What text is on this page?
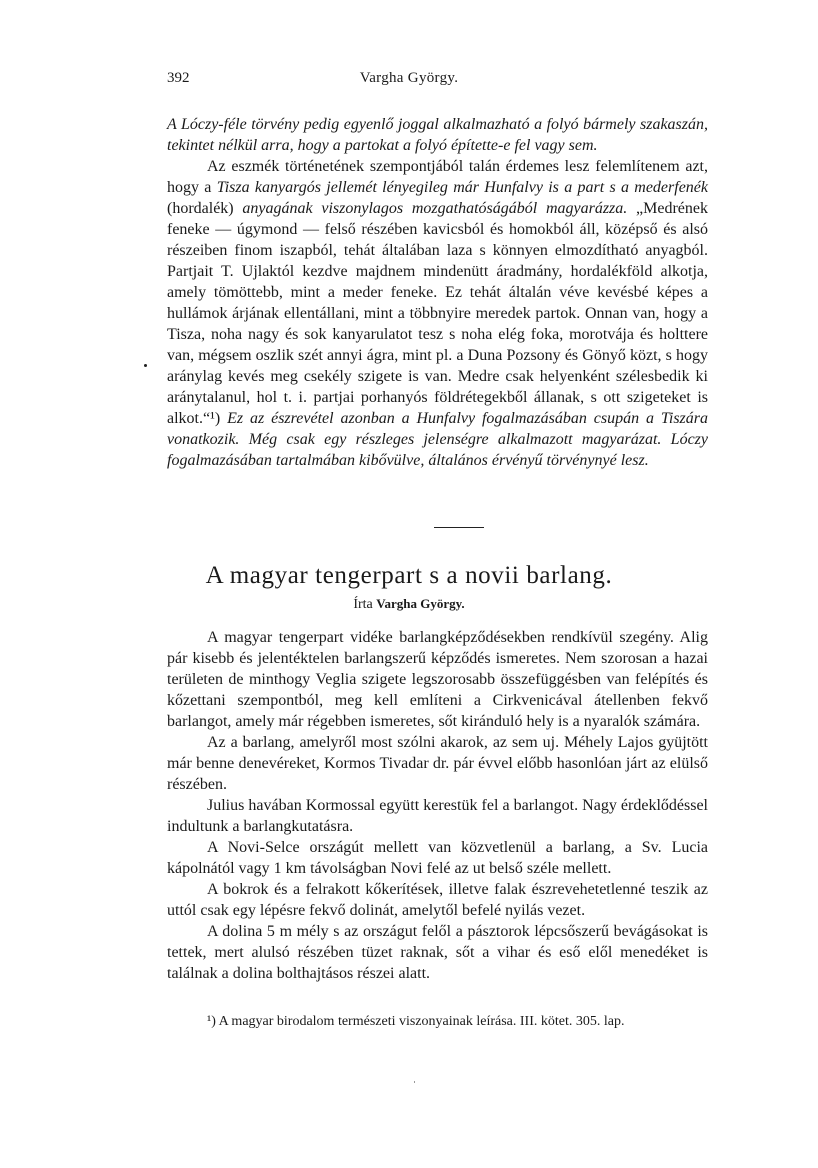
392	Vargha György.

A Lóczy-féle törvény pedig egyenlő joggal alkalmazható a folyó bármely szakaszán, tekintet nélkül arra, hogy a partokat a folyó építette-e fel vagy sem.

Az eszmék történetének szempontjából talán érdemes lesz felemlítenem azt, hogy a Tisza kanyargós jellemét lényegileg már Hunfalvy is a part s a mederfenék (hordalék) anyagának viszonylagos mozgathatóságából magyarázza. „Medrének feneke — úgymond — felső részében kavicsból és homokból áll, középső és alsó részeiben finom iszapból, tehát általában laza s könnyen elmozdítható anyagból. Partjait T. Ujlaktól kezdve majdnem mindenütt áradmány, hordalékföld alkotja, amely tömöttebb, mint a meder feneke. Ez tehát általán véve kevésbé képes a hullámok árjának ellentállani, mint a többnyire meredek partok. Onnan van, hogy a Tisza, noha nagy és sok kanyarulatot tesz s noha elég foka, morotvája és holttere van, mégsem oszlik szét annyi ágra, mint pl. a Duna Pozsony és Gönyő közt, s hogy aránylag kevés meg csekély szigete is van. Medre csak helyenként szélesbedik ki aránytalanul, hol t. i. partjai porhanyós földrétegekből állanak, s ott szigeteket is alkot.“¹) Ez az észrevétel azonban a Hunfalvy fogalmazásában csupán a Tiszára vonatkozik. Még csak egy részleges jelenségre alkalmazott magyarázat. Lóczy fogalmazásában tartalmában kibővülve, általános érvényű törvénynyé lesz.

A magyar tengerpart s a novii barlang.
Írta Vargha György.

A magyar tengerpart vidéke barlangképződésekben rendkívül szegény. Alig pár kisebb és jelentéktelen barlangszerű képződés ismeretes. Nem szorosan a hazai területen de minthogy Veglia szigete legszorosabb összefüggésben van felépítés és kőzettani szempontból, meg kell említeni a Cirkvenicával átellenben fekvő barlangot, amely már régebben ismeretes, sőt kiránduló hely is a nyaralók számára.

Az a barlang, amelyről most szólni akarok, az sem uj. Méhely Lajos gyüjtött már benne denevéreket, Kormos Tivadar dr. pár évvel előbb hasonlóan járt az elülső részében.

Julius havában Kormossal együtt kerestük fel a barlangot. Nagy érdeklődéssel indultunk a barlangkutatásra.

A Novi-Selce országút mellett van közvetlenül a barlang, a Sv. Lucia kápolnától vagy 1 km távolságban Novi felé az ut belső széle mellett.

A bokrok és a felrakott kőkerítések, illetve falak észrevehetetlenné teszik az uttól csak egy lépésre fekvő dolinát, amelytől befelé nyilás vezet.

A dolina 5 m mély s az országut felől a pásztorok lépcsőszerű bevágásokat is tettek, mert alulsó részében tüzet raknak, sőt a vihar és eső elől menedéket is találnak a dolina bolthajtásos részei alatt.

¹) A magyar birodalom természeti viszonyainak leírása. III. kötet. 305. lap.
